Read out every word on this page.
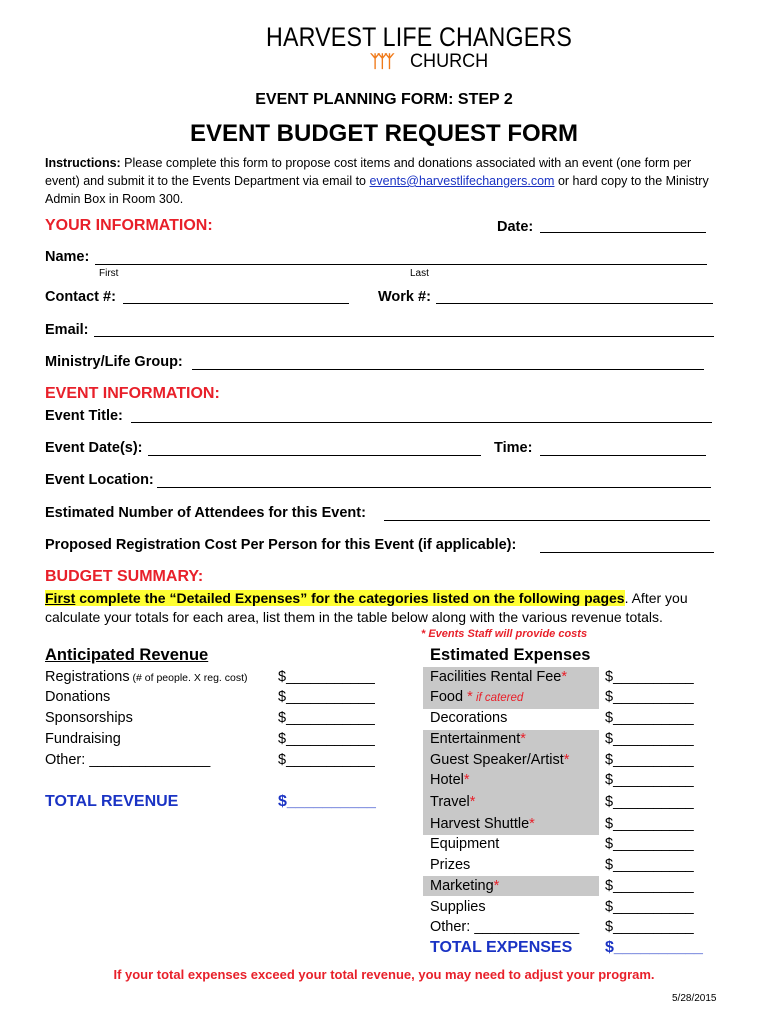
HARVEST LIFE CHANGERS
ᛉᛉᛉ CHURCH
EVENT PLANNING FORM: STEP 2
EVENT BUDGET REQUEST FORM
Instructions: Please complete this form to propose cost items and donations associated with an event (one form per
event) and submit it to the Events Department via email to events@harvestlifechangers.com or hard copy to the Ministry
Admin Box in Room 300.
YOUR INFORMATION:	Date:
Name:
First	Last
Contact #:	Work #:
Email:
Ministry/Life Group:
EVENT INFORMATION:
Event Title:
Event Date(s):	Time:
Event Location:
Estimated Number of Attendees for this Event:
Proposed Registration Cost Per Person for this Event (if applicable):
BUDGET SUMMARY:
First complete the “Detailed Expenses” for the categories listed on the following pages. After you
calculate your totals for each area, list them in the table below along with the various revenue totals.
* Events Staff will provide costs
Anticipated Revenue
Registrations (# of people. X reg. cost) $___________
Donations	$___________
Sponsorships	$___________
Fundraising	$___________
Other: _______________	$___________
TOTAL REVENUE	$__________
Estimated Expenses
Facilities Rental Fee*	$__________
Food * if catered	$__________
Decorations	$__________
Entertainment*	$__________
Guest Speaker/Artist* $__________
Hotel*	$__________
Travel*	$__________
Harvest Shuttle*	$__________
Equipment	$__________
Prizes	$__________
Marketing*	$__________
Supplies	$__________
Other: _____________ $__________
TOTAL EXPENSES $__________
If your total expenses exceed your total revenue, you may need to adjust your program.
5/28/2015
